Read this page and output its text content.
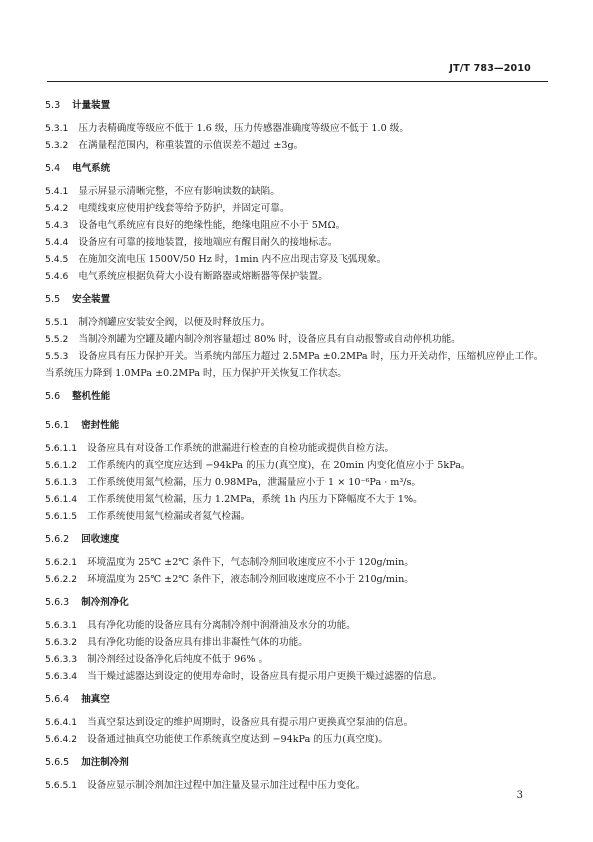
JT/T 783—2010

5.3 计量装置

5.3.1 压力表精确度等级应不低于 1.6 级，压力传感器准确度等级应不低于 1.0 级。

5.3.2 在满量程范围内，称重装置的示值误差不超过 ±3g。

5.4 电气系统

5.4.1 显示屏显示清晰完整，不应有影响读数的缺陷。

5.4.2 电缆线束应使用护线套等给予防护，并固定可靠。

5.4.3 设备电气系统应有良好的绝缘性能，绝缘电阻应不小于 5MΩ。

5.4.4 设备应有可靠的接地装置，接地端应有醒目耐久的接地标志。

5.4.5 在施加交流电压 1500V/50 Hz 时，1min 内不应出现击穿及飞弧现象。

5.4.6 电气系统应根据负荷大小设有断路器或熔断器等保护装置。

5.5 安全装置

5.5.1 制冷剂罐应安装安全阀，以便及时释放压力。

5.5.2 当制冷剂罐为空罐及罐内制冷剂容量超过 80% 时，设备应具有自动报警或自动停机功能。

5.5.3 设备应具有压力保护开关。当系统内部压力超过 2.5MPa ±0.2MPa 时，压力开关动作，压缩机应停止工作。当系统压力降到 1.0MPa ±0.2MPa 时，压力保护开关恢复工作状态。

5.6 整机性能

5.6.1 密封性能

5.6.1.1 设备应具有对设备工作系统的泄漏进行检查的自检功能或提供自检方法。

5.6.1.2 工作系统内的真空度应达到 −94kPa 的压力(真空度)，在 20min 内变化值应小于 5kPa。

5.6.1.3 工作系统使用氮气检漏，压力 0.98MPa，泄漏量应小于 1 × 10⁻⁶Pa · m³/s。

5.6.1.4 工作系统使用氮气检漏，压力 1.2MPa，系统 1h 内压力下降幅度不大于 1%。

5.6.1.5 工作系统使用氮气检漏或者氦气检漏。

5.6.2 回收速度

5.6.2.1 环境温度为 25℃ ±2℃ 条件下，气态制冷剂回收速度应不小于 120g/min。

5.6.2.2 环境温度为 25℃ ±2℃ 条件下，液态制冷剂回收速度应不小于 210g/min。

5.6.3 制冷剂净化

5.6.3.1 具有净化功能的设备应具有分离制冷剂中润滑油及水分的功能。

5.6.3.2 具有净化功能的设备应具有排出非凝性气体的功能。

5.6.3.3 制冷剂经过设备净化后纯度不低于 96% 。

5.6.3.4 当干燥过滤器达到设定的使用寿命时，设备应具有提示用户更换干燥过滤器的信息。

5.6.4 抽真空

5.6.4.1 当真空泵达到设定的维护周期时，设备应具有提示用户更换真空泵油的信息。

5.6.4.2 设备通过抽真空功能使工作系统真空度达到 −94kPa 的压力(真空度)。

5.6.5 加注制冷剂

5.6.5.1 设备应显示制冷剂加注过程中加注量及显示加注过程中压力变化。

3
